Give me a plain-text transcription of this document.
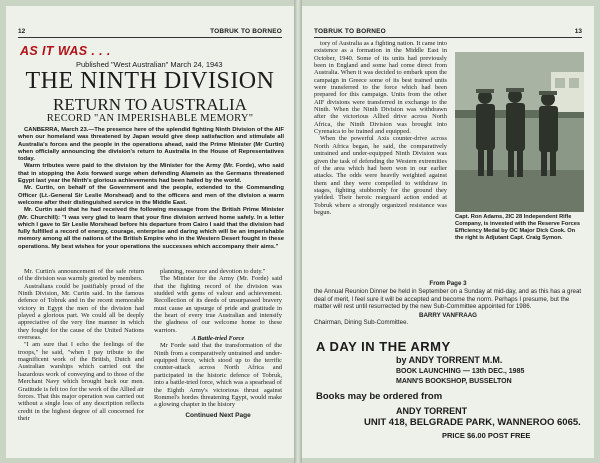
12	TOBRUK TO BORNEO
AS IT WAS . . .
Published "West Australian" March 24, 1943
THE NINTH DIVISION
RETURN TO AUSTRALIA
RECORD "AN IMPERISHABLE MEMORY"

CANBERRA, March 23.—The presence here of the splendid fighting Ninth Division of the AIF when our homeland was threatened by Japan would give deep satisfaction and stimulate all Australia's forces and the people in the operations ahead, said the Prime Minister (Mr Curtin) when officially announcing the division's return to Australia in the House of Representatives today.

Warm tributes were paid to the division by the Minister for the Army (Mr. Forde), who said that in stopping the Axis forward surge when defending Alamein as the Germans threatened Egypt last year the Ninth's glorious achievements had been hailed by the world.

Mr. Curtin, on behalf of the Government and the people, extended to the Commanding Officer (Lt.-General Sir Leslie Morshead) and to the officers and men of the division a warm welcome after their distinguished service in the Middle East.

Mr. Curtin said that he had received the following message from the British Prime Minister (Mr. Churchill): "I was very glad to learn that your fine division arrived home safely. In a letter which I gave to Sir Leslie Morshead before his departure from Cairo I said that the division had fully fulfilled a record of energy, courage, enterprise and daring which will be an imperishable memory among all the nations of the British Empire who in the Western Desert fought in these operations. My best wishes for your operations the successes which accompany their aims."

Mr. Curtin's announcement of the safe return of the division was warmly greeted by members.

Australians could be justifiably proud of the Ninth Division, Mr. Curtin said. In the famous defence of Tobruk and in the recent memorable victory in Egypt the men of the division had played a glorious part. We could all be deeply appreciative of the very fine manner in which they fought for the cause of the United Nations overseas.

"I am sure that I echo the feelings of the troops," he said, "when I pay tribute to the magnificent work of the British, Dutch and Australian warships which carried out the hazardous work of conveying and to those of the Merchant Navy which brought back our men. Gratitude is felt too for the work of the Allied air forces. That this major operation was carried out without a single loss of any description reflects credit in the highest degree of all concerned for their

planning, resource and devotion to duty."

The Minister for the Army (Mr. Forde) said that the fighting record of the division was studded with gems of valour and achievement. Recollection of its deeds of unsurpassed bravery must cause an upsurge of pride and gratitude in the heart of every true Australian and intensify the gladness of our welcome home to these warriors.

A Battle-tried Force

Mr Forde said that the transformation of the Ninth from a comparatively untrained and under-equipped force, which stood up to the terrific counter-attack across North Africa and participated in the historic defence of Tobruk, into a battle-tried force, which was a spearhead of the Eighth Army's victorious thrust against Rommel's hordes threatening Egypt, would make a glowing chapter in the history

Continued Next Page

TOBRUK TO BORNEO	13

tory of Australia as a fighting nation. It came into existence as a formation in the Middle East in October, 1940. Some of its units had previously been in England and some had come direct from Australia. When it was decided to embark upon the campaign in Greece some of its best trained units were transferred to the force which had been prepared for this campaign. Units from the other AIF divisions were transferred in exchange to the Ninth. When the Ninth Division was withdrawn after the victorious Allied drive across North Africa, the Ninth Division was brought into Cyrenaica to be trained and equipped.

When the powerful Axis counter-drive across North Africa began, he said, the comparatively untrained and under-equipped Ninth Division was given the task of defending the Western extremities of the area which had been won in our earlier attacks. The odds were heavily weighted against them and they were compelled to withdraw in stages, fighting stubbornly for the ground they yielded. Their heroic rearguard action ended at Tobruk where a strongly organized resistance was begun.

Capt. Ron Adams, 2IC 28 Independent Rifle Company, is invested with the Reserve Forces Efficiency Medal by OC Major Dick Cook. On the right is Adjutant Capt. Craig Symon.
From Page 3
the Annual Reunion Dinner be held in September on a Sunday at mid-day, and as this has a great deal of merit, I feel sure it will be accepted and become the norm. Perhaps I presume, but the matter will rest until resurrected by the new Sub-Committee appointed for 1986.
BARRY VANFRAAG
Chairman, Dining Sub-Committee.
A DAY IN THE ARMY
by ANDY TORRENT M.M.
BOOK LAUNCHING — 13th DEC., 1985
MANN'S BOOKSHOP, BUSSELTON
Books may be ordered from
ANDY TORRENT
UNIT 418, BELGRADE PARK, WANNEROO 6065.
PRICE $6.00 POST FREE
